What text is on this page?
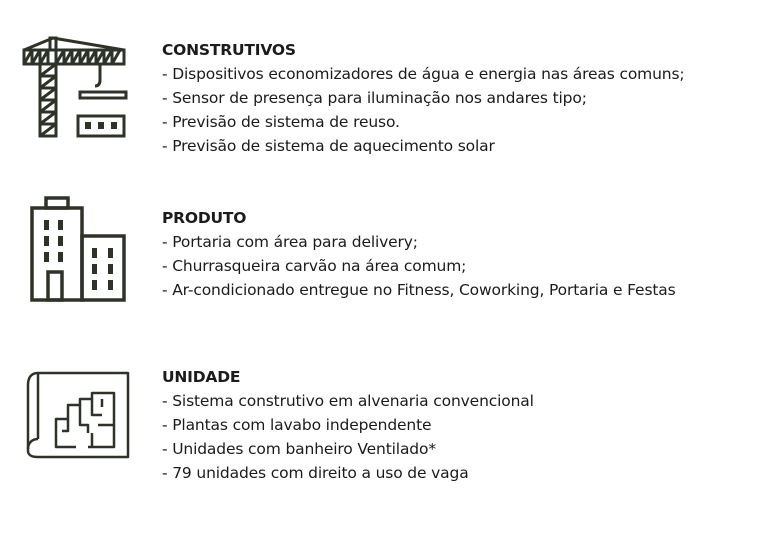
CONSTRUTIVOS
- Dispositivos economizadores de água e energia nas áreas comuns;
- Sensor de presença para iluminação nos andares tipo;
- Previsão de sistema de reuso.
- Previsão de sistema de aquecimento solar
PRODUTO
- Portaria com área para delivery;
- Churrasqueira carvão na área comum;
- Ar-condicionado entregue no Fitness, Coworking, Portaria e Festas
UNIDADE
- Sistema construtivo em alvenaria convencional
- Plantas com lavabo independente
- Unidades com banheiro Ventilado*
- 79 unidades com direito a uso de vaga
